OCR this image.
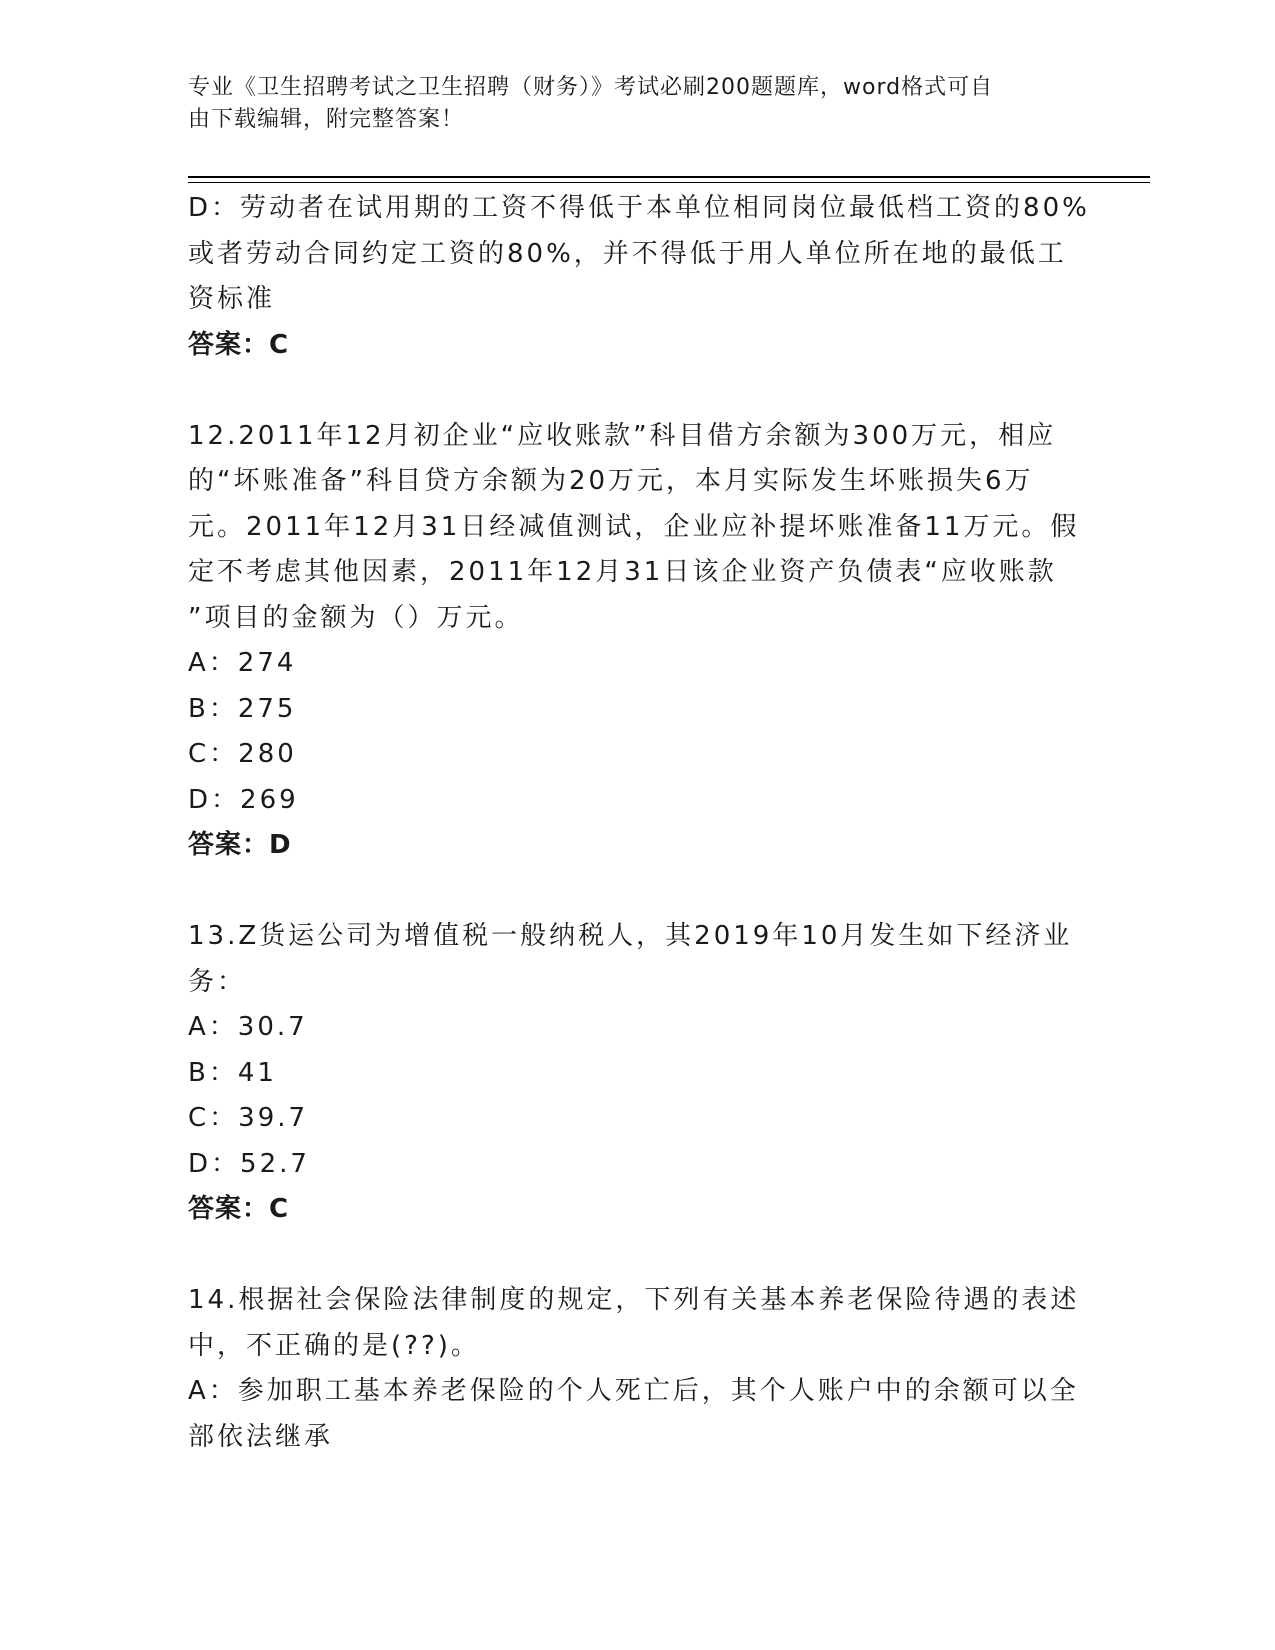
专业《卫生招聘考试之卫生招聘（财务）》考试必刷200题题库，word格式可自
由下载编辑，附完整答案！
D：劳动者在试用期的工资不得低于本单位相同岗位最低档工资的80%
或者劳动合同约定工资的80%，并不得低于用人单位所在地的最低工
资标准
答案：C
12.2011年12月初企业“应收账款”科目借方余额为300万元，相应
的“坏账准备”科目贷方余额为20万元，本月实际发生坏账损失6万
元。2011年12月31日经减值测试，企业应补提坏账准备11万元。假
定不考虑其他因素，2011年12月31日该企业资产负债表“应收账款
”项目的金额为（）万元。
A：274
B：275
C：280
D：269
答案：D
13.Z货运公司为增值税一般纳税人，其2019年10月发生如下经济业
务：
A：30.7
B：41
C：39.7
D：52.7
答案：C
14.根据社会保险法律制度的规定，下列有关基本养老保险待遇的表述
中，不正确的是(??)。
A：参加职工基本养老保险的个人死亡后，其个人账户中的余额可以全
部依法继承
